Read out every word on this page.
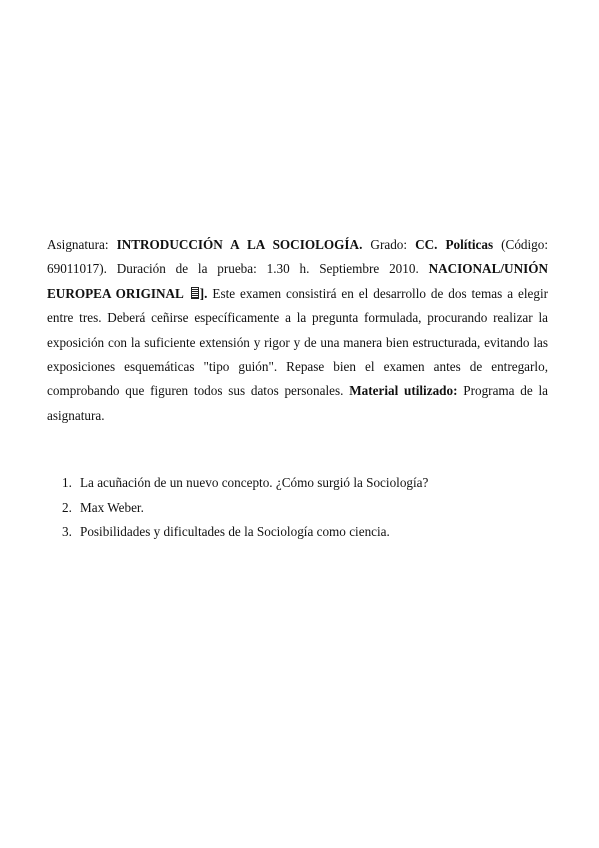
Asignatura: INTRODUCCIÓN A LA SOCIOLOGÍA. Grado: CC. Políticas (Código: 69011017). Duración de la prueba: 1.30 h. Septiembre 2010. NACIONAL/UNIÓN EUROPEA ORIGINAL ]. Este examen consistirá en el desarrollo de dos temas a elegir entre tres. Deberá ceñirse específicamente a la pregunta formulada, procurando realizar la exposición con la suficiente extensión y rigor y de una manera bien estructurada, evitando las exposiciones esquemáticas "tipo guión". Repase bien el examen antes de entregarlo, comprobando que figuren todos sus datos personales. Material utilizado: Programa de la asignatura.

1. La acuñación de un nuevo concepto. ¿Cómo surgió la Sociología?
2. Max Weber.
3. Posibilidades y dificultades de la Sociología como ciencia.
